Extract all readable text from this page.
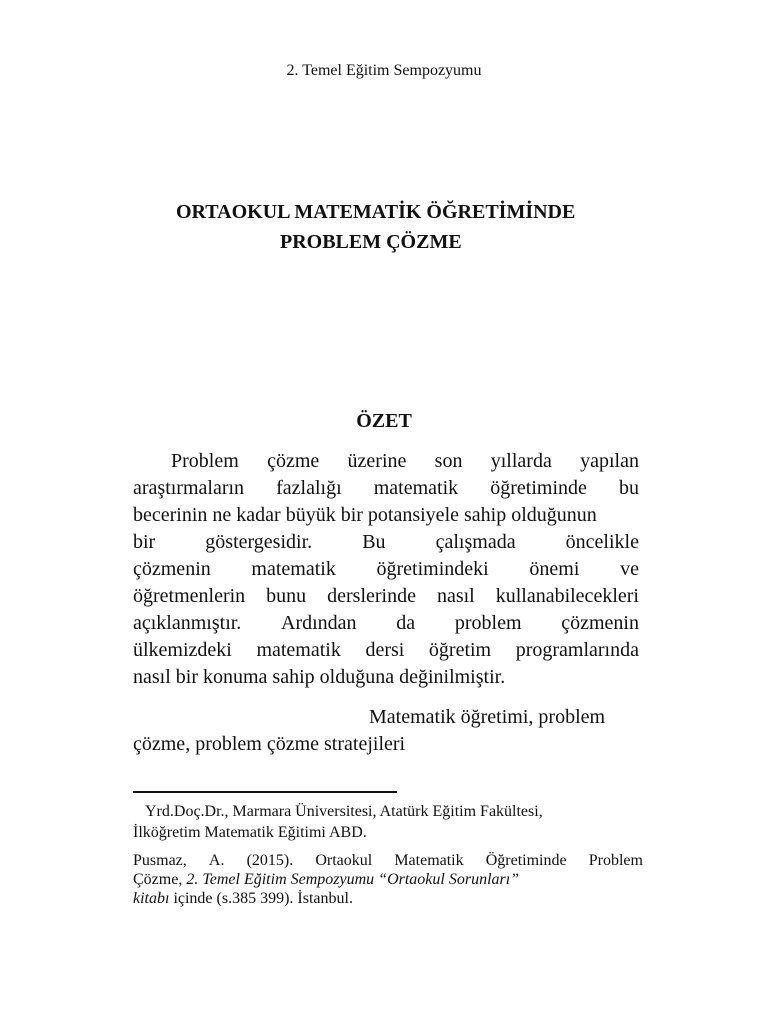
2. Temel Eğitim Sempozyumu

ORTAOKUL MATEMATİK ÖĞRETİMİNDE
PROBLEM ÇÖZME
ÖZET
Problem çözme üzerine son yıllarda yapılan
araştırmaların fazlalığı matematik öğretiminde bu
becerinin ne kadar büyük bir potansiyele sahip olduğunun
bir	göstergesidir.	Bu	çalışmada	öncelikle
çözmenin matematik öğretimindeki önemi ve
öğretmenlerin bunu derslerinde nasıl kullanabilecekleri
açıklanmıştır. Ardından da problem çözmenin
ülkemizdeki matematik dersi öğretim programlarında
nasıl bir konuma sahip olduğuna değinilmiştir.
Matematik öğretimi, problem
çözme, problem çözme stratejileri
Yrd.Doç.Dr., Marmara Üniversitesi, Atatürk Eğitim Fakültesi,
İlköğretim Matematik Eğitimi ABD.
Pusmaz, A. (2015). Ortaokul Matematik Öğretiminde Problem
Çözme, 2. Temel Eğitim Sempozyumu “Ortaokul Sorunları”
kitabı içinde (s.385 399). İstanbul.
